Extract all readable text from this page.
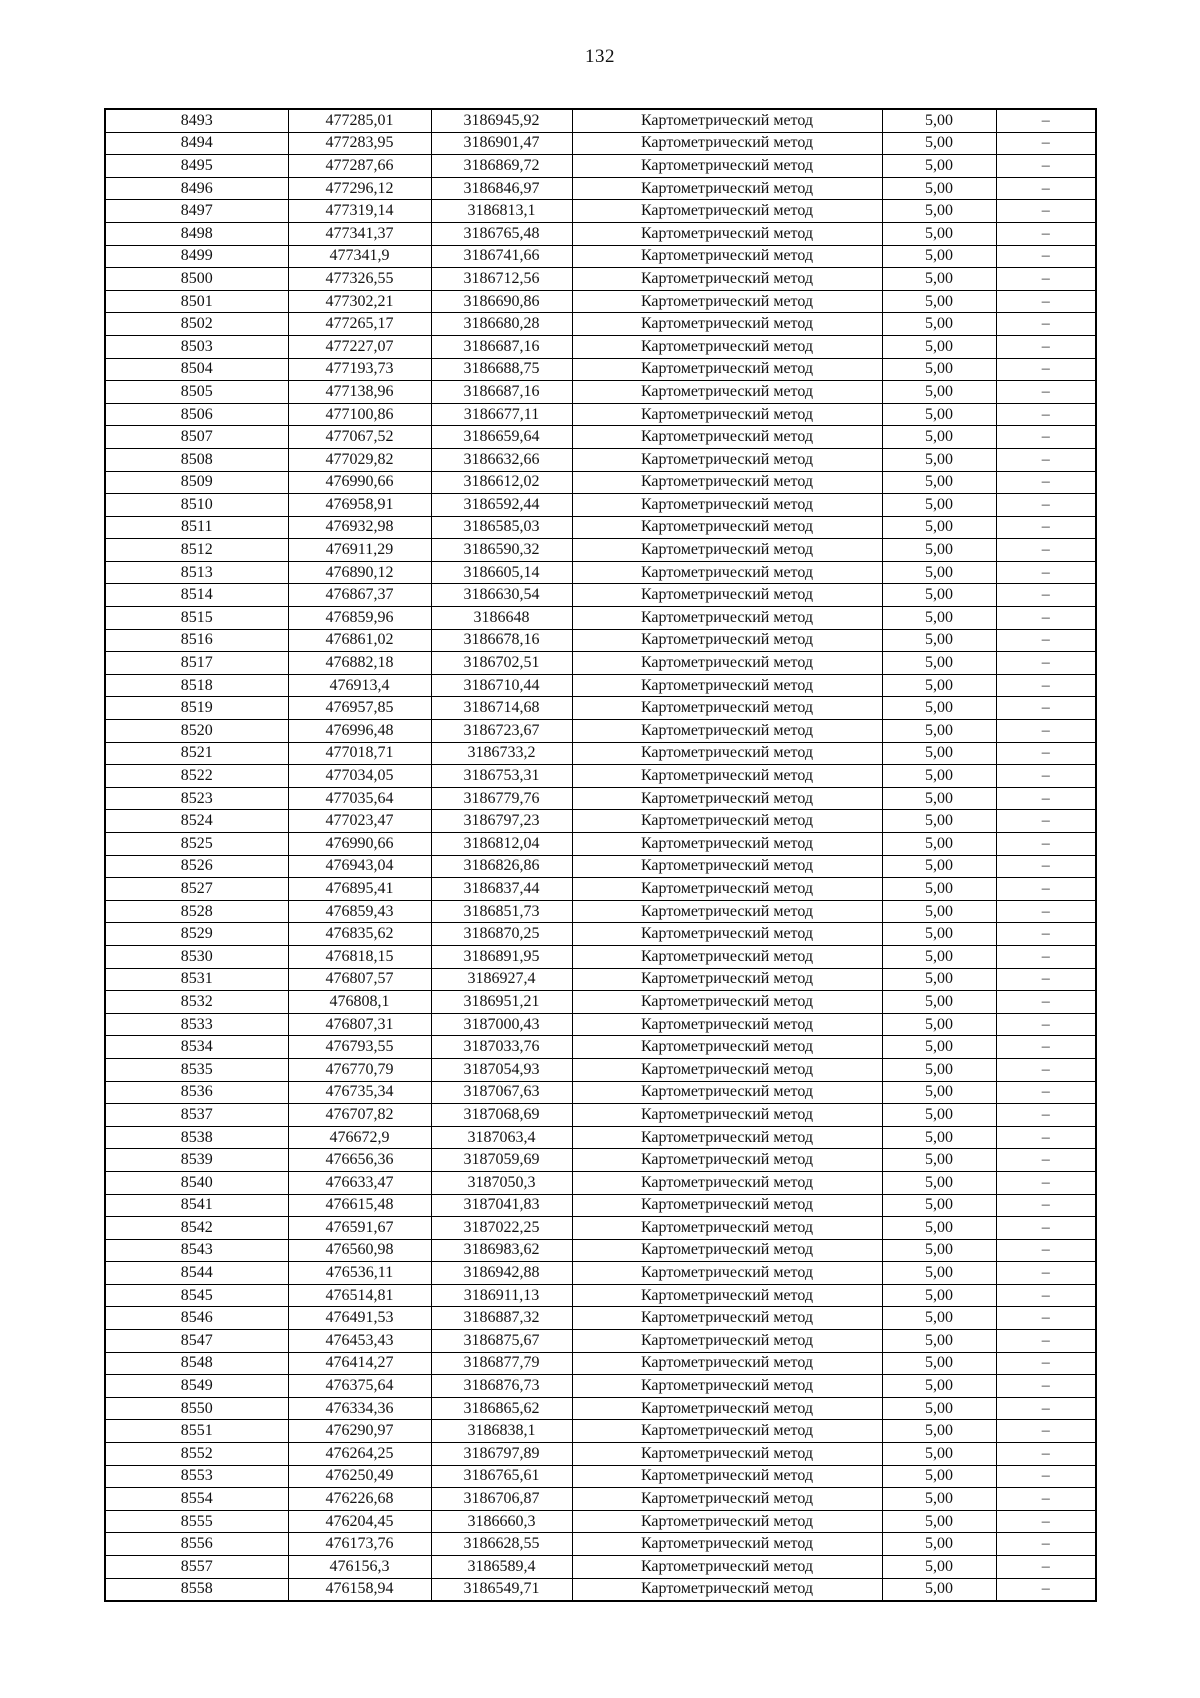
132
8493	477285,01	3186945,92	Картометрический метод	5,00	–
8494	477283,95	3186901,47	Картометрический метод	5,00	–
8495	477287,66	3186869,72	Картометрический метод	5,00	–
8496	477296,12	3186846,97	Картометрический метод	5,00	–
8497	477319,14	3186813,1	Картометрический метод	5,00	–
8498	477341,37	3186765,48	Картометрический метод	5,00	–
8499	477341,9	3186741,66	Картометрический метод	5,00	–
8500	477326,55	3186712,56	Картометрический метод	5,00	–
8501	477302,21	3186690,86	Картометрический метод	5,00	–
8502	477265,17	3186680,28	Картометрический метод	5,00	–
8503	477227,07	3186687,16	Картометрический метод	5,00	–
8504	477193,73	3186688,75	Картометрический метод	5,00	–
8505	477138,96	3186687,16	Картометрический метод	5,00	–
8506	477100,86	3186677,11	Картометрический метод	5,00	–
8507	477067,52	3186659,64	Картометрический метод	5,00	–
8508	477029,82	3186632,66	Картометрический метод	5,00	–
8509	476990,66	3186612,02	Картометрический метод	5,00	–
8510	476958,91	3186592,44	Картометрический метод	5,00	–
8511	476932,98	3186585,03	Картометрический метод	5,00	–
8512	476911,29	3186590,32	Картометрический метод	5,00	–
8513	476890,12	3186605,14	Картометрический метод	5,00	–
8514	476867,37	3186630,54	Картометрический метод	5,00	–
8515	476859,96	3186648	Картометрический метод	5,00	–
8516	476861,02	3186678,16	Картометрический метод	5,00	–
8517	476882,18	3186702,51	Картометрический метод	5,00	–
8518	476913,4	3186710,44	Картометрический метод	5,00	–
8519	476957,85	3186714,68	Картометрический метод	5,00	–
8520	476996,48	3186723,67	Картометрический метод	5,00	–
8521	477018,71	3186733,2	Картометрический метод	5,00	–
8522	477034,05	3186753,31	Картометрический метод	5,00	–
8523	477035,64	3186779,76	Картометрический метод	5,00	–
8524	477023,47	3186797,23	Картометрический метод	5,00	–
8525	476990,66	3186812,04	Картометрический метод	5,00	–
8526	476943,04	3186826,86	Картометрический метод	5,00	–
8527	476895,41	3186837,44	Картометрический метод	5,00	–
8528	476859,43	3186851,73	Картометрический метод	5,00	–
8529	476835,62	3186870,25	Картометрический метод	5,00	–
8530	476818,15	3186891,95	Картометрический метод	5,00	–
8531	476807,57	3186927,4	Картометрический метод	5,00	–
8532	476808,1	3186951,21	Картометрический метод	5,00	–
8533	476807,31	3187000,43	Картометрический метод	5,00	–
8534	476793,55	3187033,76	Картометрический метод	5,00	–
8535	476770,79	3187054,93	Картометрический метод	5,00	–
8536	476735,34	3187067,63	Картометрический метод	5,00	–
8537	476707,82	3187068,69	Картометрический метод	5,00	–
8538	476672,9	3187063,4	Картометрический метод	5,00	–
8539	476656,36	3187059,69	Картометрический метод	5,00	–
8540	476633,47	3187050,3	Картометрический метод	5,00	–
8541	476615,48	3187041,83	Картометрический метод	5,00	–
8542	476591,67	3187022,25	Картометрический метод	5,00	–
8543	476560,98	3186983,62	Картометрический метод	5,00	–
8544	476536,11	3186942,88	Картометрический метод	5,00	–
8545	476514,81	3186911,13	Картометрический метод	5,00	–
8546	476491,53	3186887,32	Картометрический метод	5,00	–
8547	476453,43	3186875,67	Картометрический метод	5,00	–
8548	476414,27	3186877,79	Картометрический метод	5,00	–
8549	476375,64	3186876,73	Картометрический метод	5,00	–
8550	476334,36	3186865,62	Картометрический метод	5,00	–
8551	476290,97	3186838,1	Картометрический метод	5,00	–
8552	476264,25	3186797,89	Картометрический метод	5,00	–
8553	476250,49	3186765,61	Картометрический метод	5,00	–
8554	476226,68	3186706,87	Картометрический метод	5,00	–
8555	476204,45	3186660,3	Картометрический метод	5,00	–
8556	476173,76	3186628,55	Картометрический метод	5,00	–
8557	476156,3	3186589,4	Картометрический метод	5,00	–
8558	476158,94	3186549,71	Картометрический метод	5,00	–
